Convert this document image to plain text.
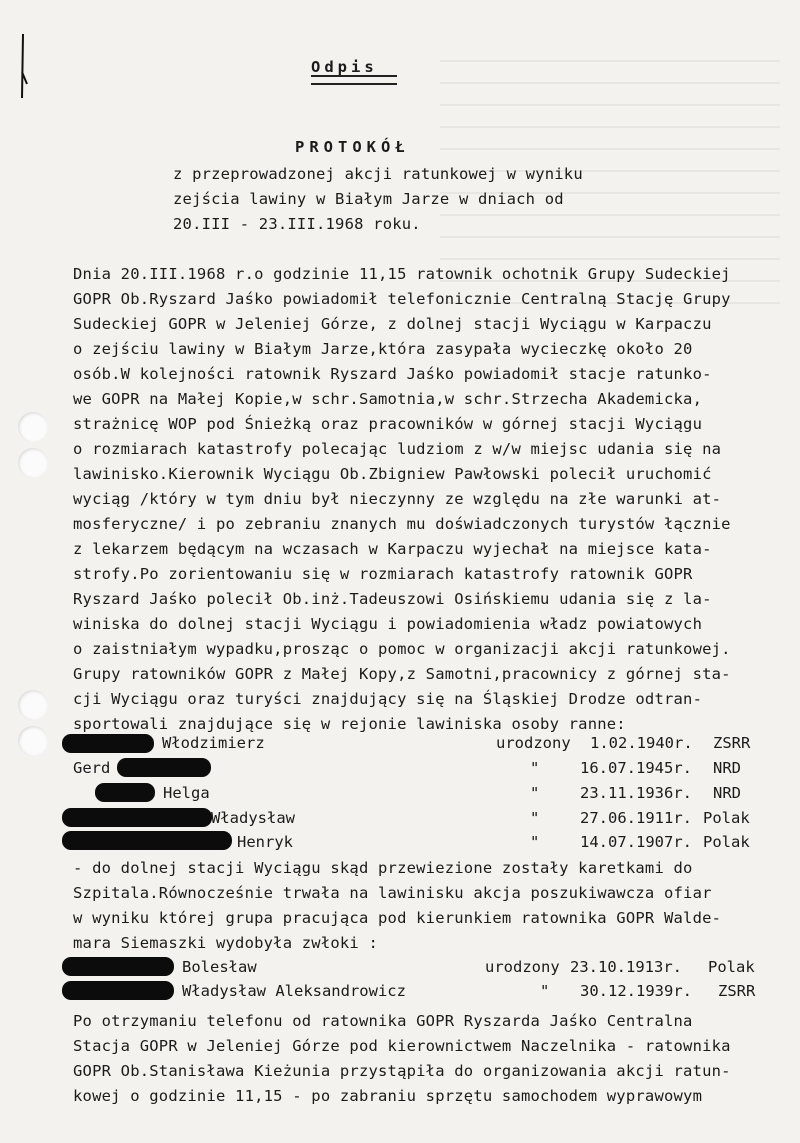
Odpis
PROTOKÓŁ
z przeprowadzonej akcji ratunkowej w wyniku
zejścia lawiny w Białym Jarze w dniach od
20.III - 23.III.1968 roku.
Dnia 20.III.1968 r.o godzinie 11,15 ratownik ochotnik Grupy Sudeckiej
GOPR Ob.Ryszard Jaśko powiadomił telefonicznie Centralną Stację Grupy
Sudeckiej GOPR w Jeleniej Górze, z dolnej stacji Wyciągu w Karpaczu
o zejściu lawiny w Białym Jarze,która zasypała wycieczkę około 20
osób.W kolejności ratownik Ryszard Jaśko powiadomił stacje ratunko-
we GOPR na Małej Kopie,w schr.Samotnia,w schr.Strzecha Akademicka,
strażnicę WOP pod Śnieżką oraz pracowników w górnej stacji Wyciągu
o rozmiarach katastrofy polecając ludziom z w/w miejsc udania się na
lawinisko.Kierownik Wyciągu Ob.Zbigniew Pawłowski polecił uruchomić
wyciąg /który w tym dniu był nieczynny ze względu na złe warunki at-
mosferyczne/ i po zebraniu znanych mu doświadczonych turystów łącznie
z lekarzem będącym na wczasach w Karpaczu wyjechał na miejsce kata-
strofy.Po zorientowaniu się w rozmiarach katastrofy ratownik GOPR
Ryszard Jaśko polecił Ob.inż.Tadeuszowi Osińskiemu udania się z la-
winiska do dolnej stacji Wyciągu i powiadomienia władz powiatowych
o zaistniałym wypadku,prosząc o pomoc w organizacji akcji ratunkowej.
Grupy ratowników GOPR z Małej Kopy,z Samotni,pracownicy z górnej sta-
cji Wyciągu oraz turyści znajdujący się na Śląskiej Drodze odtran-
sportowali znajdujące się w rejonie lawiniska osoby ranne:
Włodzimierz	urodzony 1.02.1940r. ZSRR
Gerd	"	16.07.1945r. NRD
Helga	"	23.11.1936r. NRD
Władysław	"	27.06.1911r. Polak
Henryk	"	14.07.1907r. Polak
- do dolnej stacji Wyciągu skąd przewiezione zostały karetkami do
Szpitala.Równocześnie trwała na lawinisku akcja poszukiwawcza ofiar
w wyniku której grupa pracująca pod kierunkiem ratownika GOPR Walde-
mara Siemaszki wydobyła zwłoki :
Bolesław	urodzony 23.10.1913r. Polak
Władysław Aleksandrowicz	" 30.12.1939r. ZSRR
Po otrzymaniu telefonu od ratownika GOPR Ryszarda Jaśko Centralna
Stacja GOPR w Jeleniej Górze pod kierownictwem Naczelnika - ratownika
GOPR Ob.Stanisława Kieżunia przystąpiła do organizowania akcji ratun-
kowej o godzinie 11,15 - po zabraniu sprzętu samochodem wyprawowym
